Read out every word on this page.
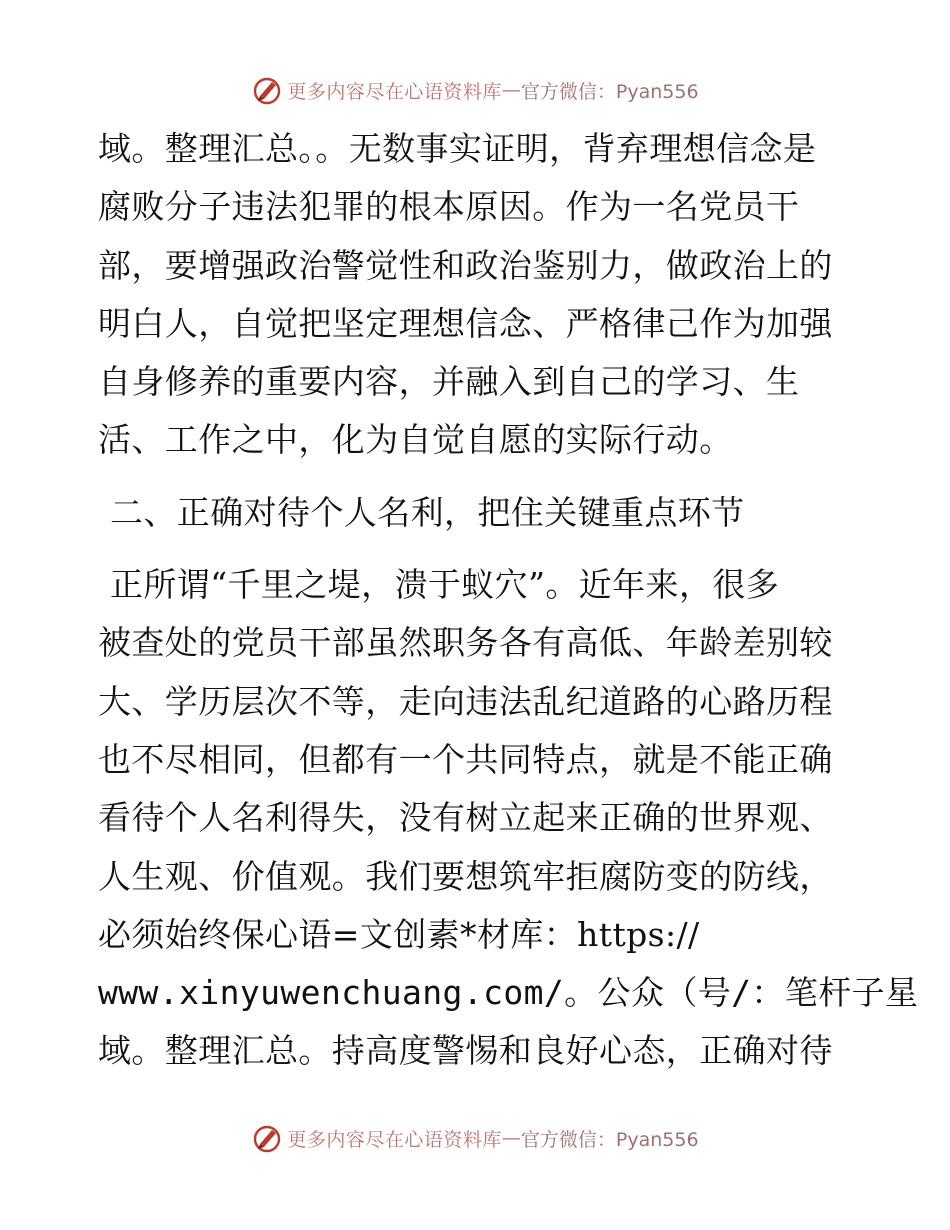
更多内容尽在心语资料库 — 官方微信：Pyan556
域。整理汇总。。无数事实证明，背弃理想信念是
腐败分子违法犯罪的根本原因。作为一名党员干
部，要增强政治警觉性和政治鉴别力，做政治上的
明白人，自觉把坚定理想信念、严格律己作为加强
自身修养的重要内容，并融入到自己的学习、生
活、工作之中，化为自觉自愿的实际行动。
二、正确对待个人名利，把住关键重点环节
正所谓“千里之堤，溃于蚁穴”。近年来，很多
被查处的党员干部虽然职务各有高低、年龄差别较
大、学历层次不等，走向违法乱纪道路的心路历程
也不尽相同，但都有一个共同特点，就是不能正确
看待个人名利得失，没有树立起来正确的世界观、
人生观、价值观。我们要想筑牢拒腐防变的防线，
必须始终保心语=文创素*材库：https://
www.xinyuwenchuang.com/。公众（号/：笔杆子星
域。整理汇总。持高度警惕和良好心态，正确对待
更多内容尽在心语资料库 — 官方微信：Pyan556
